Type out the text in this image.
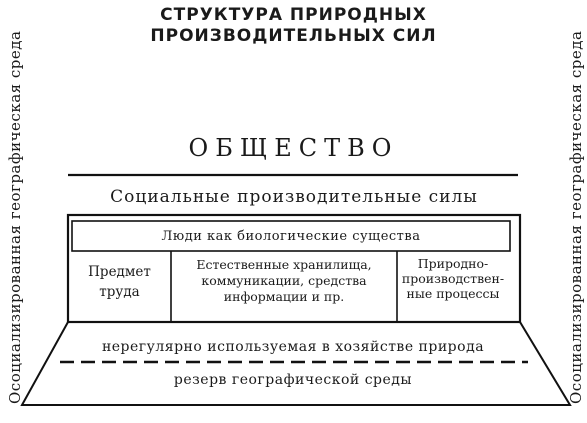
СТРУКТУРА ПРИРОДНЫХ
ПРОИЗВОДИТЕЛЬНЫХ СИЛ
Осоциализированная географическая среда	Осоциализированная географическая среда
ОБЩЕСТВО
Социальные производительные силы
Люди как биологические существа
Предмет
труда
Естественные хранилища,
коммуникации, средства
информации и пр.
Природно-
производствен-
ные процессы
нерегулярно используемая в хозяйстве природа
резерв географической среды
